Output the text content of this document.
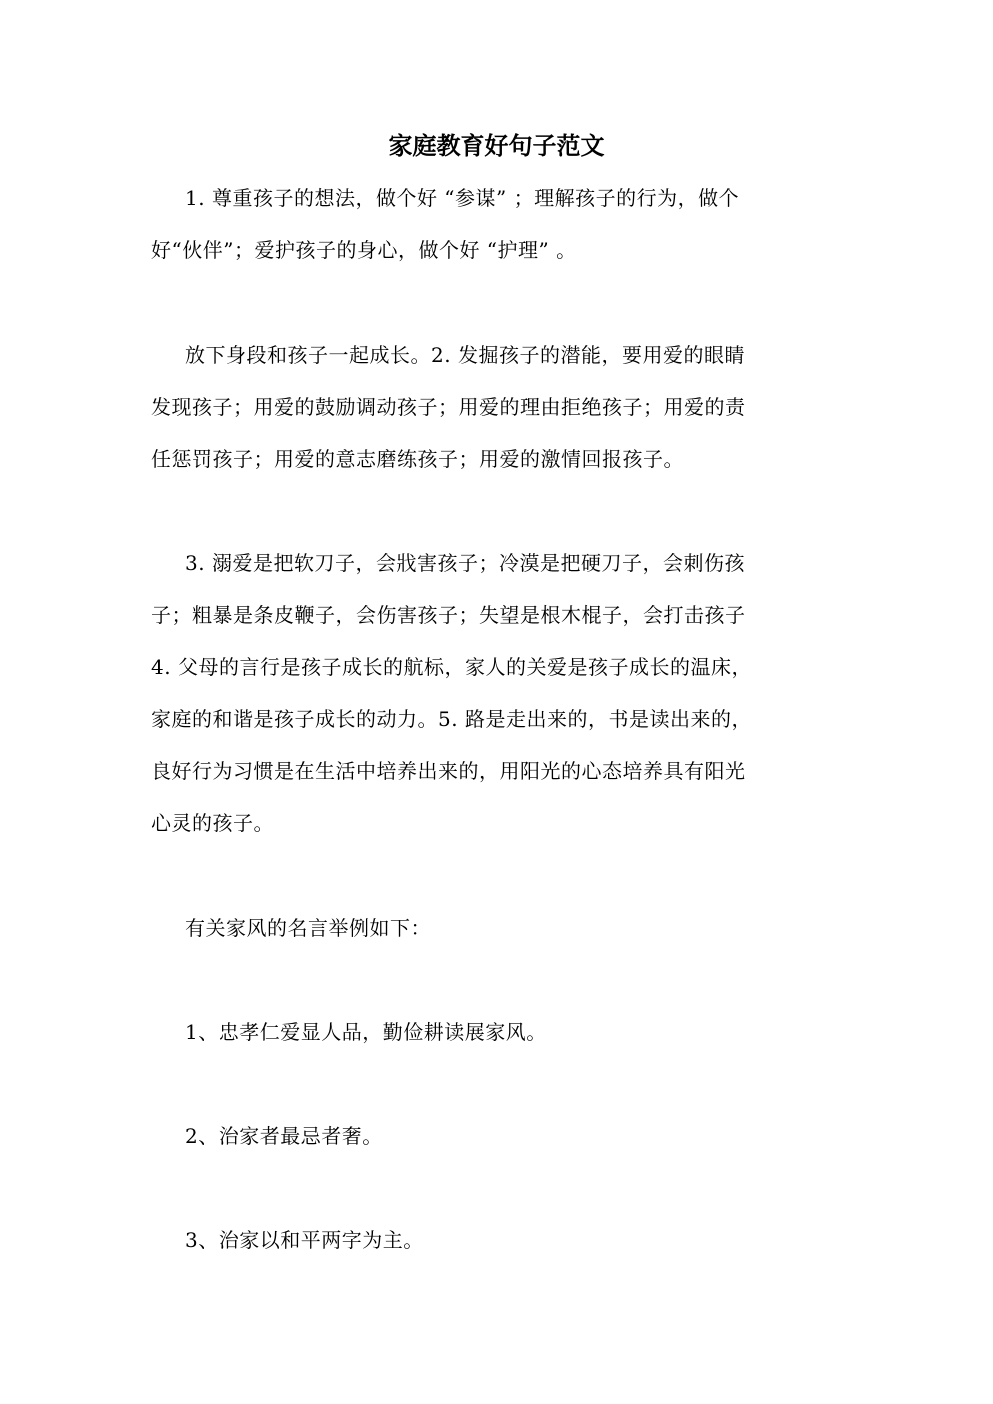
家庭教育好句子范文
1. 尊重孩子的想法，做个好 “参谋” ；理解孩子的行为，做个
好“伙伴”；爱护孩子的身心，做个好 “护理” 。
放下身段和孩子一起成长。2. 发掘孩子的潜能，要用爱的眼睛
发现孩子；用爱的鼓励调动孩子；用爱的理由拒绝孩子；用爱的责
任惩罚孩子；用爱的意志磨练孩子；用爱的激情回报孩子。
3. 溺爱是把软刀子，会戕害孩子；冷漠是把硬刀子，会刺伤孩
子；粗暴是条皮鞭子，会伤害孩子；失望是根木棍子，会打击孩子
4. 父母的言行是孩子成长的航标，家人的关爱是孩子成长的温床，
家庭的和谐是孩子成长的动力。5. 路是走出来的，书是读出来的，
良好行为习惯是在生活中培养出来的，用阳光的心态培养具有阳光
心灵的孩子。
有关家风的名言举例如下：
1、忠孝仁爱显人品，勤俭耕读展家风。
2、治家者最忌者奢。
3、治家以和平两字为主。
